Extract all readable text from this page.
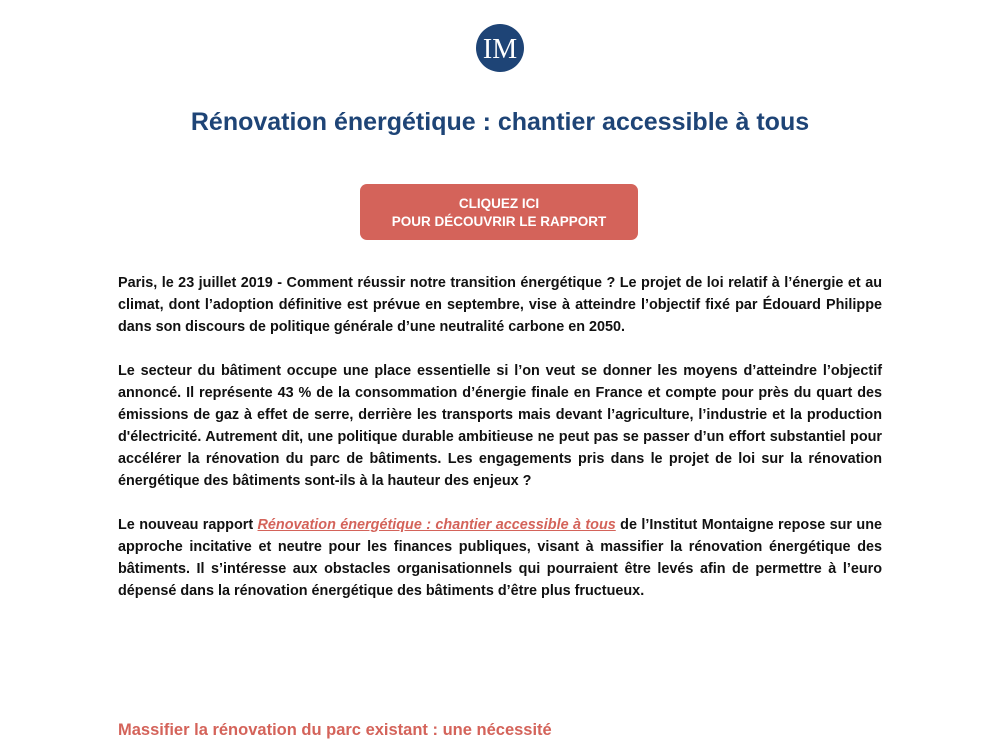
IM
Rénovation énergétique : chantier accessible à tous
CLIQUEZ ICI
POUR DÉCOUVRIR LE RAPPORT

Paris, le 23 juillet 2019 - Comment réussir notre transition énergétique ? Le projet de loi relatif à l’énergie et au climat, dont l’adoption définitive est prévue en septembre, vise à atteindre l’objectif fixé par Édouard Philippe dans son discours de politique générale d’une neutralité carbone en 2050.

Le secteur du bâtiment occupe une place essentielle si l’on veut se donner les moyens d’atteindre l’objectif annoncé. Il représente 43 % de la consommation d’énergie finale en France et compte pour près du quart des émissions de gaz à effet de serre, derrière les transports mais devant l’agriculture, l’industrie et la production d'électricité. Autrement dit, une politique durable ambitieuse ne peut pas se passer d’un effort substantiel pour accélérer la rénovation du parc de bâtiments. Les engagements pris dans le projet de loi sur la rénovation énergétique des bâtiments sont-ils à la hauteur des enjeux ?

Le nouveau rapport Rénovation énergétique : chantier accessible à tous de l’Institut Montaigne repose sur une approche incitative et neutre pour les finances publiques, visant à massifier la rénovation énergétique des bâtiments. Il s’intéresse aux obstacles organisationnels qui pourraient être levés afin de permettre à l’euro dépensé dans la rénovation énergétique des bâtiments d’être plus fructueux.

Massifier la rénovation du parc existant : une nécessité
